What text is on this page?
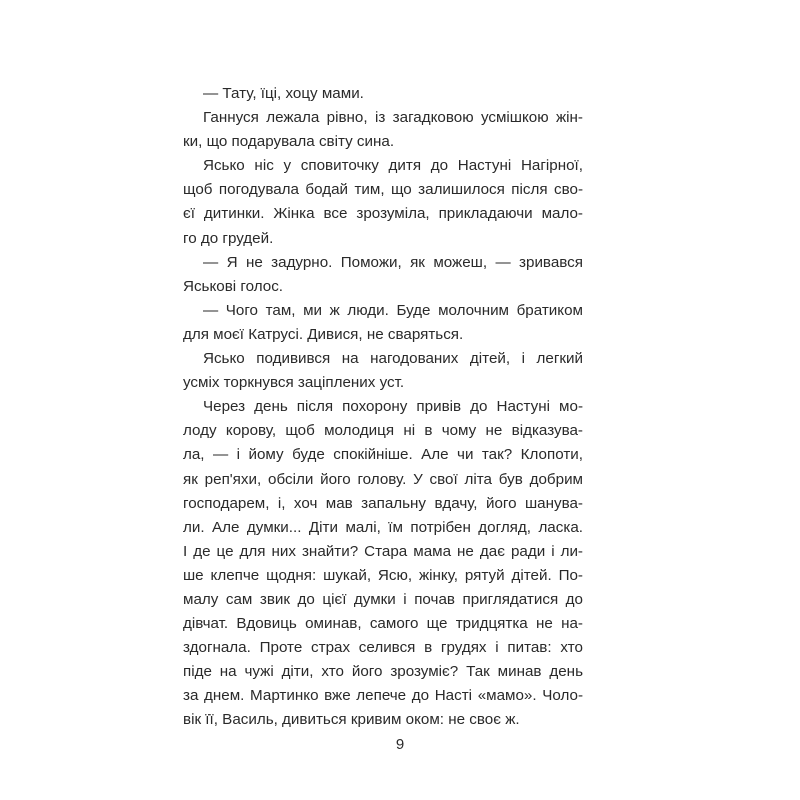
— Тату, їці, хоцу мами.
Ганнуся лежала рівно, із загадковою усмішкою жін-
ки, що подарувала світу сина.
Ясько ніс у сповиточку дитя до Настуні Нагірної,
щоб погодувала бодай тим, що залишилося після сво-
єї дитинки. Жінка все зрозуміла, прикладаючи мало-
го до грудей.
— Я не задурно. Поможи, як можеш, — зривався
Яськові голос.
— Чого там, ми ж люди. Буде молочним братиком
для моєї Катрусі. Дивися, не сваряться.
Ясько подивився на нагодованих дітей, і легкий
усміх торкнувся заціплених уст.
Через день після похорону привів до Настуні мо-
лоду корову, щоб молодиця ні в чому не відказува-
ла, — і йому буде спокійніше. Але чи так? Клопоти,
як реп'яхи, обсіли його голову. У свої літа був добрим
господарем, і, хоч мав запальну вдачу, його шанува-
ли. Але думки... Діти малі, їм потрібен догляд, ласка.
І де це для них знайти? Стара мама не дає ради і ли-
ше клепче щодня: шукай, Ясю, жінку, рятуй дітей. По-
малу сам звик до цієї думки і почав приглядатися до
дівчат. Вдовиць оминав, самого ще тридцятка не на-
здогнала. Проте страх селився в грудях і питав: хто
піде на чужі діти, хто його зрозуміє? Так минав день
за днем. Мартинко вже лепече до Насті «мамо». Чоло-
вік її, Василь, дивиться кривим оком: не своє ж.
9
